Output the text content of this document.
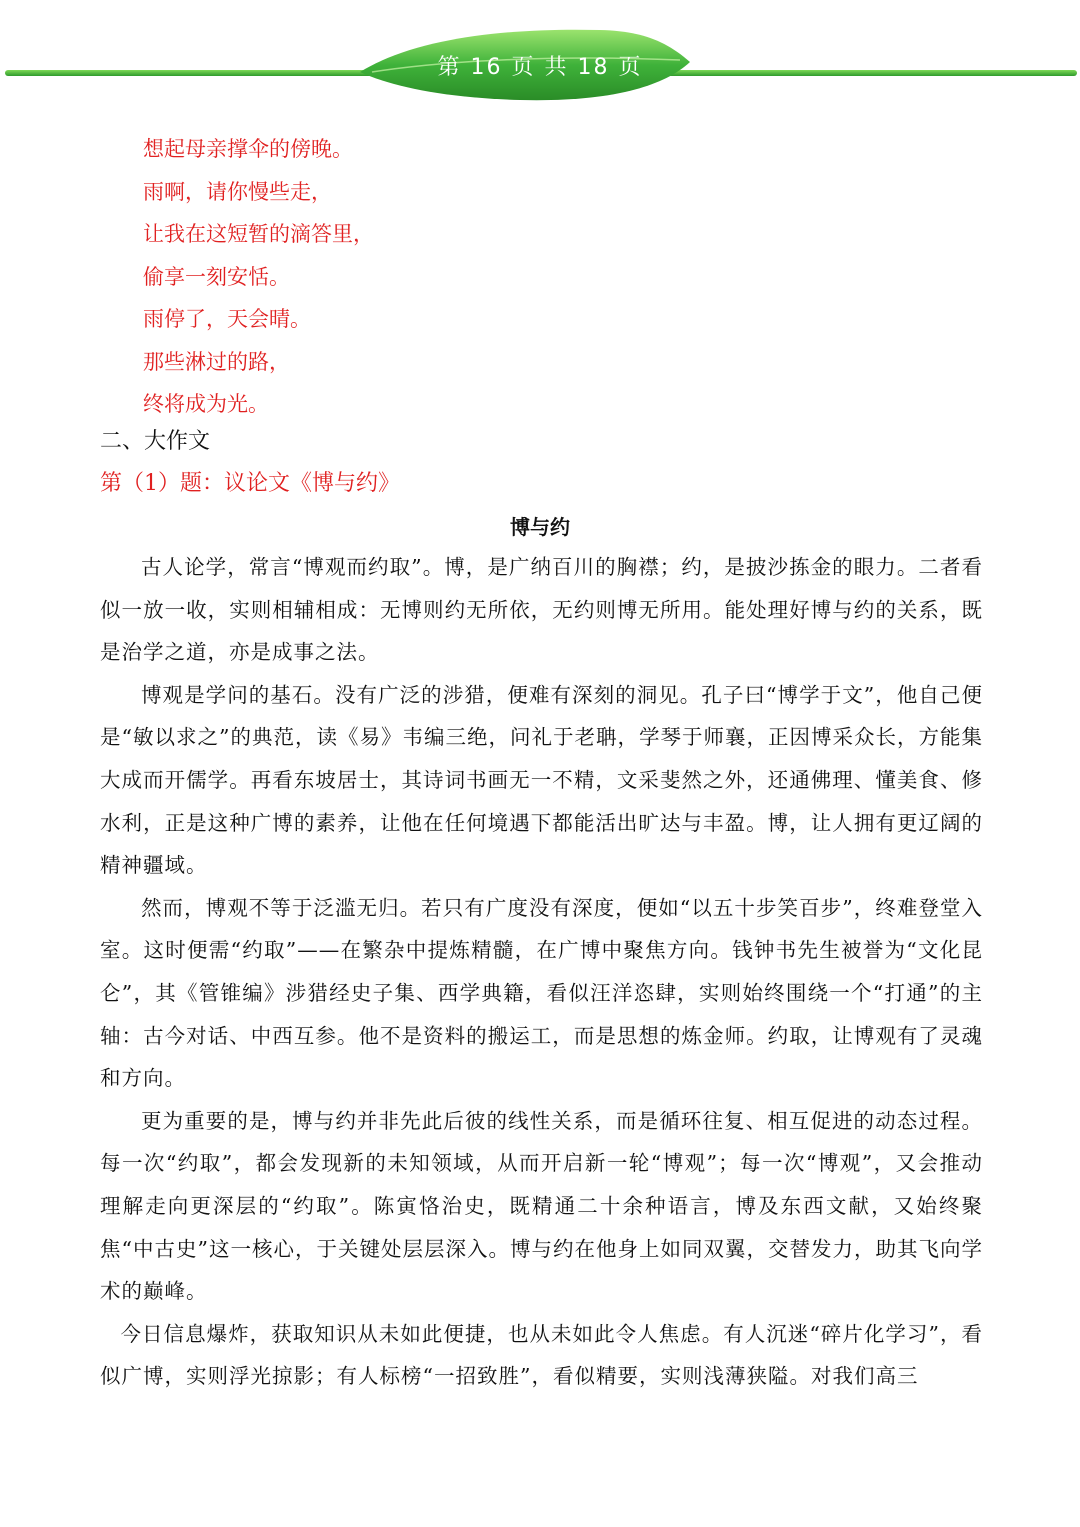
第 16 页 共 18 页
想起母亲撑伞的傍晚。
雨啊，请你慢些走，
让我在这短暂的滴答里，
偷享一刻安恬。
雨停了，天会晴。
那些淋过的路，
终将成为光。
二、大作文
第（1）题：议论文《博与约》
博与约

古人论学，常言“博观而约取”。博，是广纳百川的胸襟；约，是披沙拣金的眼力。二者看似一放一收，实则相辅相成：无博则约无所依，无约则博无所用。能处理好博与约的关系，既是治学之道，亦是成事之法。

博观是学问的基石。没有广泛的涉猎，便难有深刻的洞见。孔子曰“博学于文”，他自己便是“敏以求之”的典范，读《易》韦编三绝，问礼于老聃，学琴于师襄，正因博采众长，方能集大成而开儒学。再看东坡居士，其诗词书画无一不精，文采斐然之外，还通佛理、懂美食、修水利，正是这种广博的素养，让他在任何境遇下都能活出旷达与丰盈。博，让人拥有更辽阔的精神疆域。

然而，博观不等于泛滥无归。若只有广度没有深度，便如“以五十步笑百步”，终难登堂入室。这时便需“约取”——在繁杂中提炼精髓，在广博中聚焦方向。钱钟书先生被誉为“文化昆仑”，其《管锥编》涉猎经史子集、西学典籍，看似汪洋恣肆，实则始终围绕一个“打通”的主轴：古今对话、中西互参。他不是资料的搬运工，而是思想的炼金师。约取，让博观有了灵魂和方向。

更为重要的是，博与约并非先此后彼的线性关系，而是循环往复、相互促进的动态过程。每一次“约取”，都会发现新的未知领域，从而开启新一轮“博观”；每一次“博观”，又会推动理解走向更深层的“约取”。陈寅恪治史，既精通二十余种语言，博及东西文献，又始终聚焦“中古史”这一核心，于关键处层层深入。博与约在他身上如同双翼，交替发力，助其飞向学术的巅峰。

今日信息爆炸，获取知识从未如此便捷，也从未如此令人焦虑。有人沉迷“碎片化学习”，看似广博，实则浮光掠影；有人标榜“一招致胜”，看似精要，实则浅薄狭隘。对我们高三
